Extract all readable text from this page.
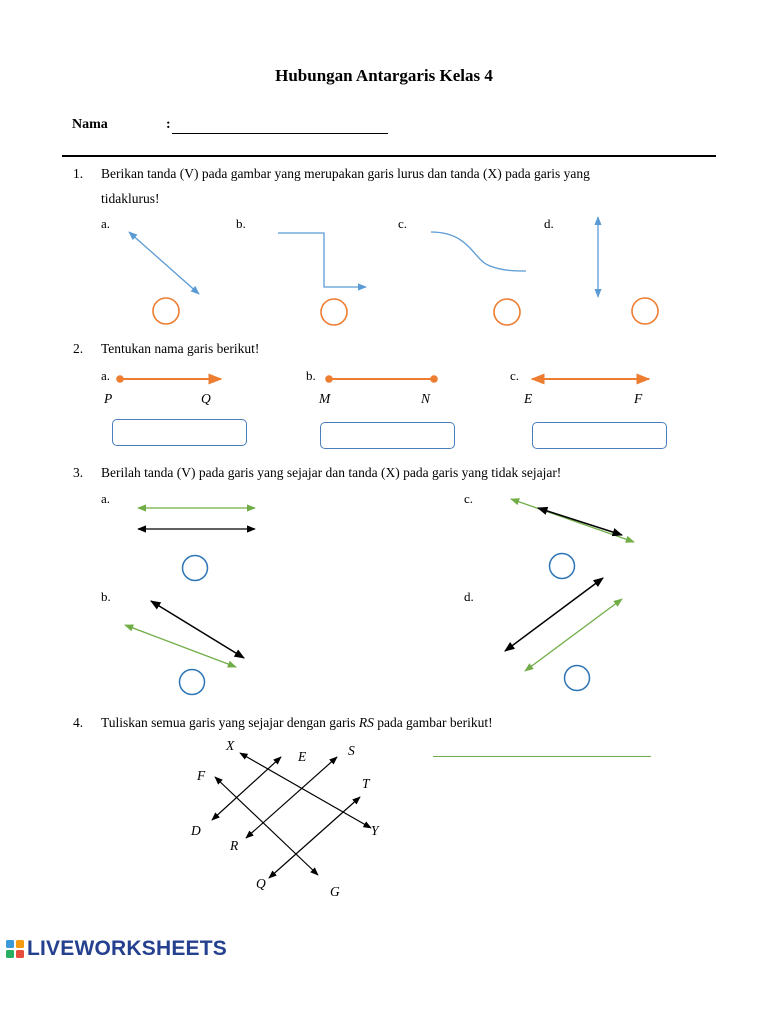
Hubungan Antargaris Kelas 4
Nama	:
1. Berikan tanda (V) pada gambar yang merupakan garis lurus dan tanda (X) pada garis yang
tidaklurus!
a.	b.	c.	d.
2. Tentukan nama garis berikut!
a.	b.	c.
P	Q	M	N	E	F
3. Berilah tanda (V) pada garis yang sejajar dan tanda (X) pada garis yang tidak sejajar!
a.	c.
b.	d.
4. Tuliskan semua garis yang sejajar dengan garis RS pada gambar berikut!
X
E	S
F
T
D	Y
R
Q
G
LIVEWORKSHEETS
